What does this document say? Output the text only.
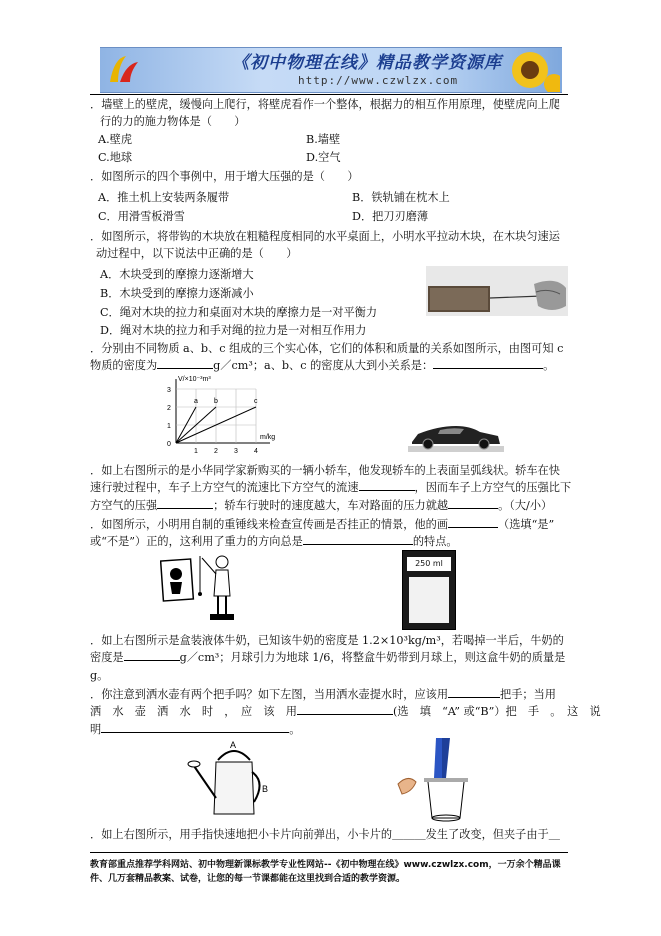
《初中物理在线》精品教学资源库
http://www.czwlzx.com
．墙壁上的壁虎，缓慢向上爬行，将壁虎看作一个整体，根据力的相互作用原理，使壁虎向上爬
行的力的施力物体是（　　）
A.壁虎	B.墙壁
C.地球	D.空气
．如图所示的四个事例中，用于增大压强的是（　　）
A．推土机上安装两条履带	B．铁轨铺在枕木上
C．用滑雪板滑雪	D．把刀刃磨薄
．如图所示，将带钩的木块放在粗糙程度相同的水平桌面上，小明水平拉动木块，在木块匀速运
动过程中，以下说法中正确的是（　　）
A．木块受到的摩擦力逐渐增大
B．木块受到的摩擦力逐渐减小
C．绳对木块的拉力和桌面对木块的摩擦力是一对平衡力
D．绳对木块的拉力和手对绳的拉力是一对相互作用力
．分别由不同物质 a、b、c 组成的三个实心体，它们的体积和质量的关系如图所示，由图可知 c
物质的密度为	g／cm³；a、b、c 的密度从大到小关系是：	。
1 2 3 4
0
1
2
3
V/×10⁻³m³
m/kg
a b	c
．如上右图所示的是小华同学家新购买的一辆小轿车，他发现轿车的上表面呈弧线状。轿车在快
速行驶过程中，车子上方空气的流速比下方空气的流速	，因而车子上方空气的压强比下
方空气的压强	；轿车行驶时的速度越大，车对路面的压力就越	。（大/小）
．如图所示，小明用自制的重锤线来检查宣传画是否挂正的情景，他的画	（选填“是”
或“不是”）正的，这利用了重力的方向总是	的特点。
250 ml
．如上右图所示是盒装液体牛奶，已知该牛奶的密度是 1.2×10³kg/m³，若喝掉一半后，牛奶的
密度是	g／cm³；月球引力为地球 1/6，将整盒牛奶带到月球上，则这盒牛奶的质量是
g。
．你注意到洒水壶有两个把手吗？如下左图，当用洒水壶提水时，应该用	把手；当用
洒　水　壶　洒　水　时　，　应　该　用	(选　填　“A” 或“B”）把　手　。　这　说
明	。
A
B
．如上右图所示，用手指快速地把小卡片向前弹出，小卡片的＿＿＿发生了改变，但夹子由于＿
教育部重点推荐学科网站、初中物理新课标教学专业性网站--《初中物理在线》www.czwlzx.com，一万余个精品课
件、几万套精品教案、试卷，让您的每一节课都能在这里找到合适的教学资源。
